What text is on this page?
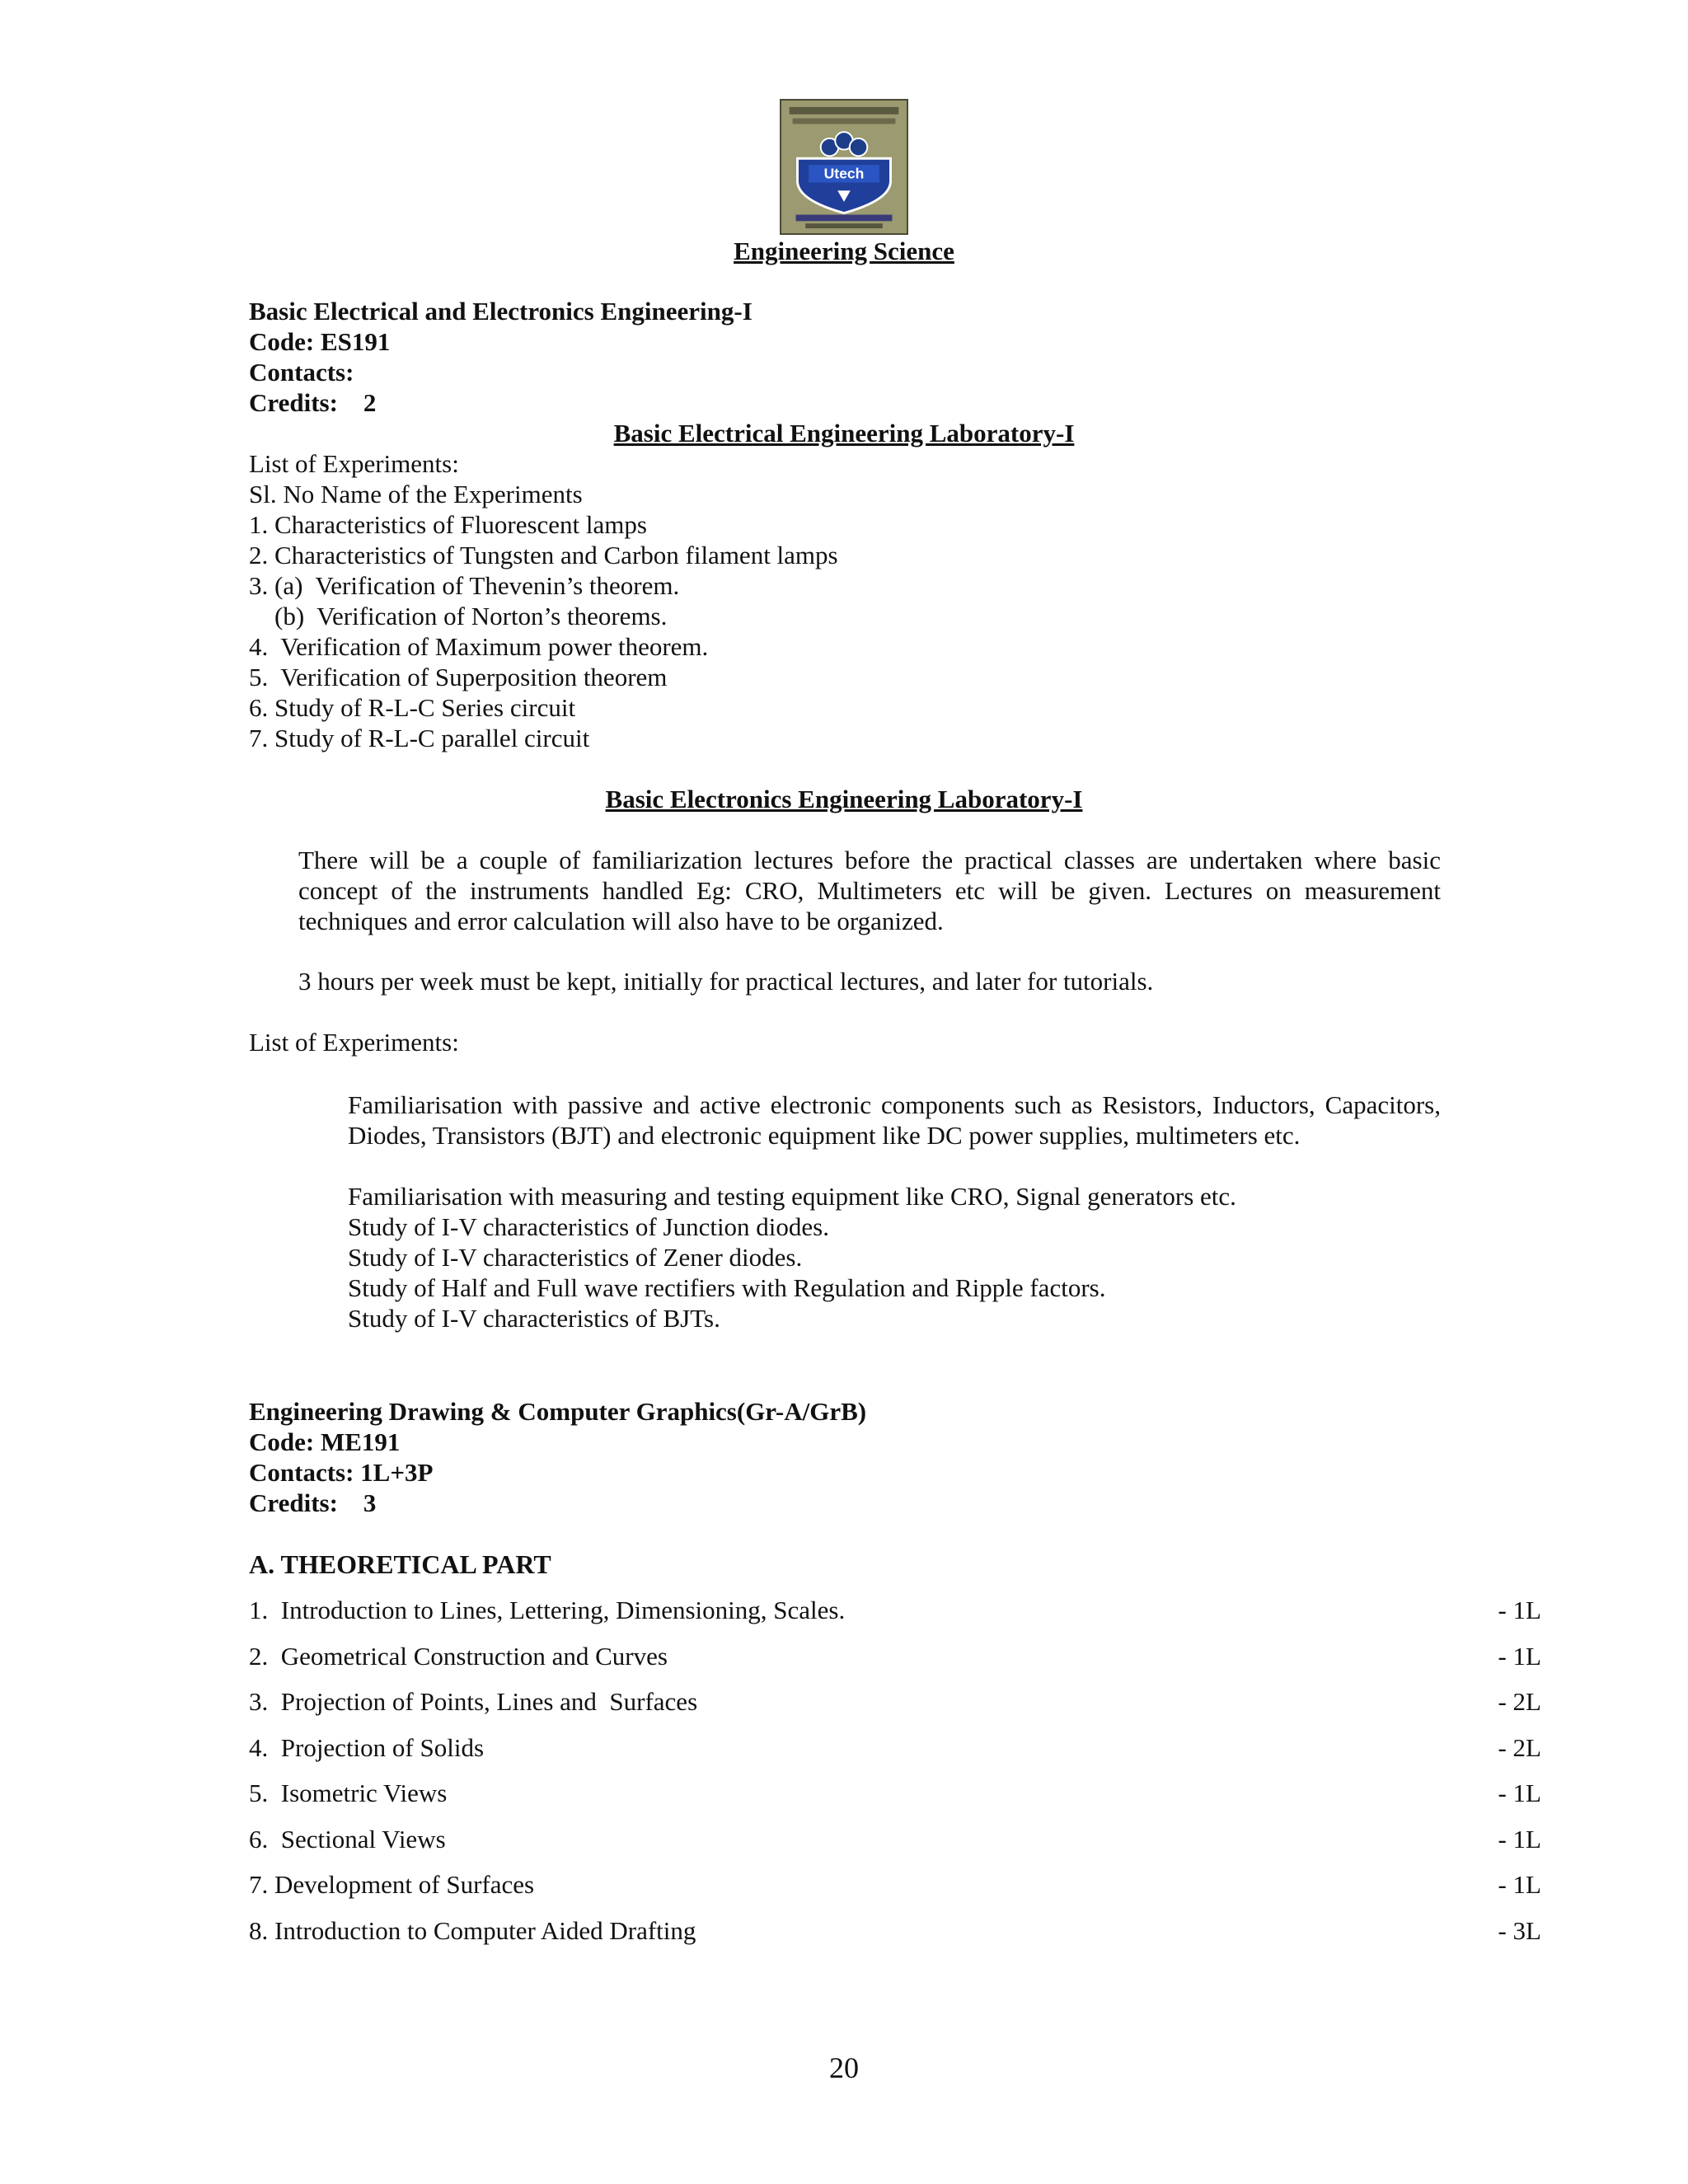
Utech
Engineering Science
Basic Electrical and Electronics Engineering-I
Code: ES191
Contacts:
Credits:    2
Basic Electrical Engineering Laboratory-I
List of Experiments:
Sl. No Name of the Experiments
1. Characteristics of Fluorescent lamps
2. Characteristics of Tungsten and Carbon filament lamps
3. (a)  Verification of Thevenin’s theorem.
(b)  Verification of Norton’s theorems.
4.  Verification of Maximum power theorem.
5.  Verification of Superposition theorem
6. Study of R-L-C Series circuit
7. Study of R-L-C parallel circuit
Basic Electronics Engineering Laboratory-I
There will be a couple of familiarization lectures before the practical classes are undertaken where basic concept of the instruments handled Eg: CRO, Multimeters etc will be given. Lectures on measurement techniques and error calculation will also have to be organized.
3 hours per week must be kept, initially for practical lectures, and later for tutorials.
List of Experiments:
Familiarisation with passive and active electronic components such as Resistors, Inductors, Capacitors, Diodes, Transistors (BJT) and electronic equipment like DC power supplies, multimeters etc.
Familiarisation with measuring and testing equipment like CRO, Signal generators etc.
Study of I-V characteristics of Junction diodes.
Study of I-V characteristics of Zener diodes.
Study of Half and Full wave rectifiers with Regulation and Ripple factors.
Study of I-V characteristics of BJTs.
Engineering Drawing & Computer Graphics(Gr-A/GrB)
Code: ME191
Contacts: 1L+3P
Credits:    3
A. THEORETICAL PART
1.  Introduction to Lines, Lettering, Dimensioning, Scales.	- 1L
2.  Geometrical Construction and Curves	- 1L
3.  Projection of Points, Lines and  Surfaces	- 2L
4.  Projection of Solids	- 2L
5.  Isometric Views	- 1L
6.  Sectional Views	- 1L
7. Development of Surfaces	- 1L
8. Introduction to Computer Aided Drafting	- 3L
20
